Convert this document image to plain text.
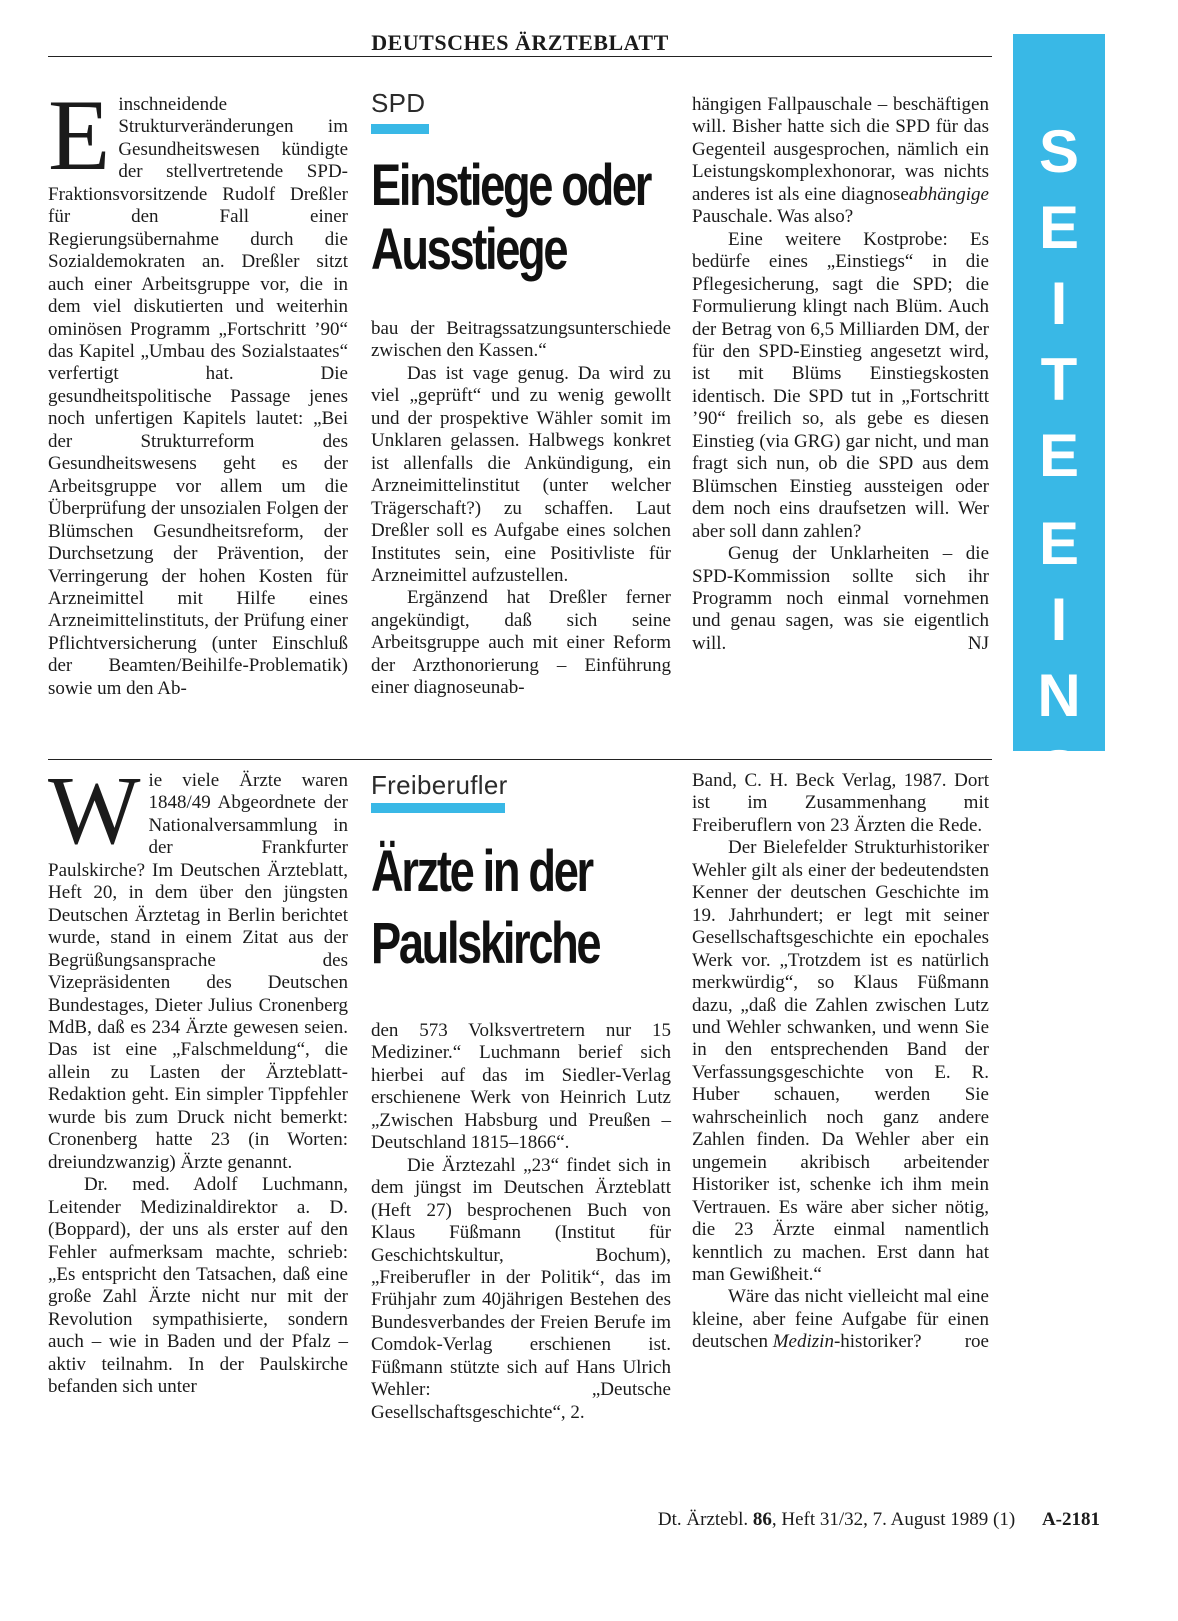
DEUTSCHES ÄRZTEBLATT
S
E
I
T
E
E
I
N
S

Einschneidende Strukturveränderungen im Gesundheitswesen kündigte der stellvertretende SPD-Fraktionsvorsitzende Rudolf Dreßler für den Fall einer Regierungsübernahme durch die Sozialdemokraten an. Dreßler sitzt auch einer Arbeitsgruppe vor, die in dem viel diskutierten und weiterhin ominösen Programm „Fortschritt ’90“ das Kapitel „Umbau des Sozialstaates“ verfertigt hat. Die gesundheitspolitische Passage jenes noch unfertigen Kapitels lautet: „Bei der Strukturreform des Gesundheitswesens geht es der Arbeitsgruppe vor allem um die Überprüfung der unsozialen Folgen der Blümschen Gesundheitsreform, der Durchsetzung der Prävention, der Verringerung der hohen Kosten für Arzneimittel mit Hilfe eines Arzneimittelinstituts, der Prüfung einer Pflichtversicherung (unter Einschluß der Beamten/Beihilfe-Problematik) sowie um den Ab-

SPD
Einstiege oder
Ausstiege

bau der Beitragssatzungsunterschiede zwischen den Kassen.“

Das ist vage genug. Da wird zu viel „geprüft“ und zu wenig gewollt und der prospektive Wähler somit im Unklaren gelassen. Halbwegs konkret ist allenfalls die Ankündigung, ein Arzneimittelinstitut (unter welcher Trägerschaft?) zu schaffen. Laut Dreßler soll es Aufgabe eines solchen Institutes sein, eine Positivliste für Arzneimittel aufzustellen.

Ergänzend hat Dreßler ferner angekündigt, daß sich seine Arbeitsgruppe auch mit einer Reform der Arzthonorierung – Einführung einer diagnoseunab-

hängigen Fallpauschale – beschäftigen will. Bisher hatte sich die SPD für das Gegenteil ausgesprochen, nämlich ein Leistungskomplexhonorar, was nichts anderes ist als eine diagnoseabhängige Pauschale. Was also?

Eine weitere Kostprobe: Es bedürfe eines „Einstiegs“ in die Pflegesicherung, sagt die SPD; die Formulierung klingt nach Blüm. Auch der Betrag von 6,5 Milliarden DM, der für den SPD-Einstieg angesetzt wird, ist mit Blüms Einstiegskosten identisch. Die SPD tut in „Fortschritt ’90“ freilich so, als gebe es diesen Einstieg (via GRG) gar nicht, und man fragt sich nun, ob die SPD aus dem Blümschen Einstieg aussteigen oder dem noch eins draufsetzen will. Wer aber soll dann zahlen?

Genug der Unklarheiten – die SPD-Kommission sollte sich ihr Programm noch einmal vornehmen und genau sagen, was sie eigentlich will.	NJ

Wie viele Ärzte waren 1848/49 Abgeordnete der Nationalversammlung in der Frankfurter Paulskirche? Im Deutschen Ärzteblatt, Heft 20, in dem über den jüngsten Deutschen Ärztetag in Berlin berichtet wurde, stand in einem Zitat aus der Begrüßungsansprache des Vizepräsidenten des Deutschen Bundestages, Dieter Julius Cronenberg MdB, daß es 234 Ärzte gewesen seien. Das ist eine „Falschmeldung“, die allein zu Lasten der Ärzteblatt-Redaktion geht. Ein simpler Tippfehler wurde bis zum Druck nicht bemerkt: Cronenberg hatte 23 (in Worten: dreiundzwanzig) Ärzte genannt.

Dr. med. Adolf Luchmann, Leitender Medizinaldirektor a. D. (Boppard), der uns als erster auf den Fehler aufmerksam machte, schrieb: „Es entspricht den Tatsachen, daß eine große Zahl Ärzte nicht nur mit der Revolution sympathisierte, sondern auch – wie in Baden und der Pfalz – aktiv teilnahm. In der Paulskirche befanden sich unter

Freiberufler
Ärzte in der
Paulskirche

den 573 Volksvertretern nur 15 Mediziner.“ Luchmann berief sich hierbei auf das im Siedler-Verlag erschienene Werk von Heinrich Lutz „Zwischen Habsburg und Preußen – Deutschland 1815–1866“.

Die Ärztezahl „23“ findet sich in dem jüngst im Deutschen Ärzteblatt (Heft 27) besprochenen Buch von Klaus Füßmann (Institut für Geschichtskultur, Bochum), „Freiberufler in der Politik“, das im Frühjahr zum 40jährigen Bestehen des Bundesverbandes der Freien Berufe im Comdok-Verlag erschienen ist. Füßmann stützte sich auf Hans Ulrich Wehler: „Deutsche Gesellschaftsgeschichte“, 2.

Band, C. H. Beck Verlag, 1987. Dort ist im Zusammenhang mit Freiberuflern von 23 Ärzten die Rede.

Der Bielefelder Strukturhistoriker Wehler gilt als einer der bedeutendsten Kenner der deutschen Geschichte im 19. Jahrhundert; er legt mit seiner Gesellschaftsgeschichte ein epochales Werk vor. „Trotzdem ist es natürlich merkwürdig“, so Klaus Füßmann dazu, „daß die Zahlen zwischen Lutz und Wehler schwanken, und wenn Sie in den entsprechenden Band der Verfassungsgeschichte von E. R. Huber schauen, werden Sie wahrscheinlich noch ganz andere Zahlen finden. Da Wehler aber ein ungemein akribisch arbeitender Historiker ist, schenke ich ihm mein Vertrauen. Es wäre aber sicher nötig, die 23 Ärzte einmal namentlich kenntlich zu machen. Erst dann hat man Gewißheit.“

Wäre das nicht vielleicht mal eine kleine, aber feine Aufgabe für einen deutschen Medizin-historiker?	roe

Dt. Ärztebl. 86, Heft 31/32, 7. August 1989 (1) A-2181
